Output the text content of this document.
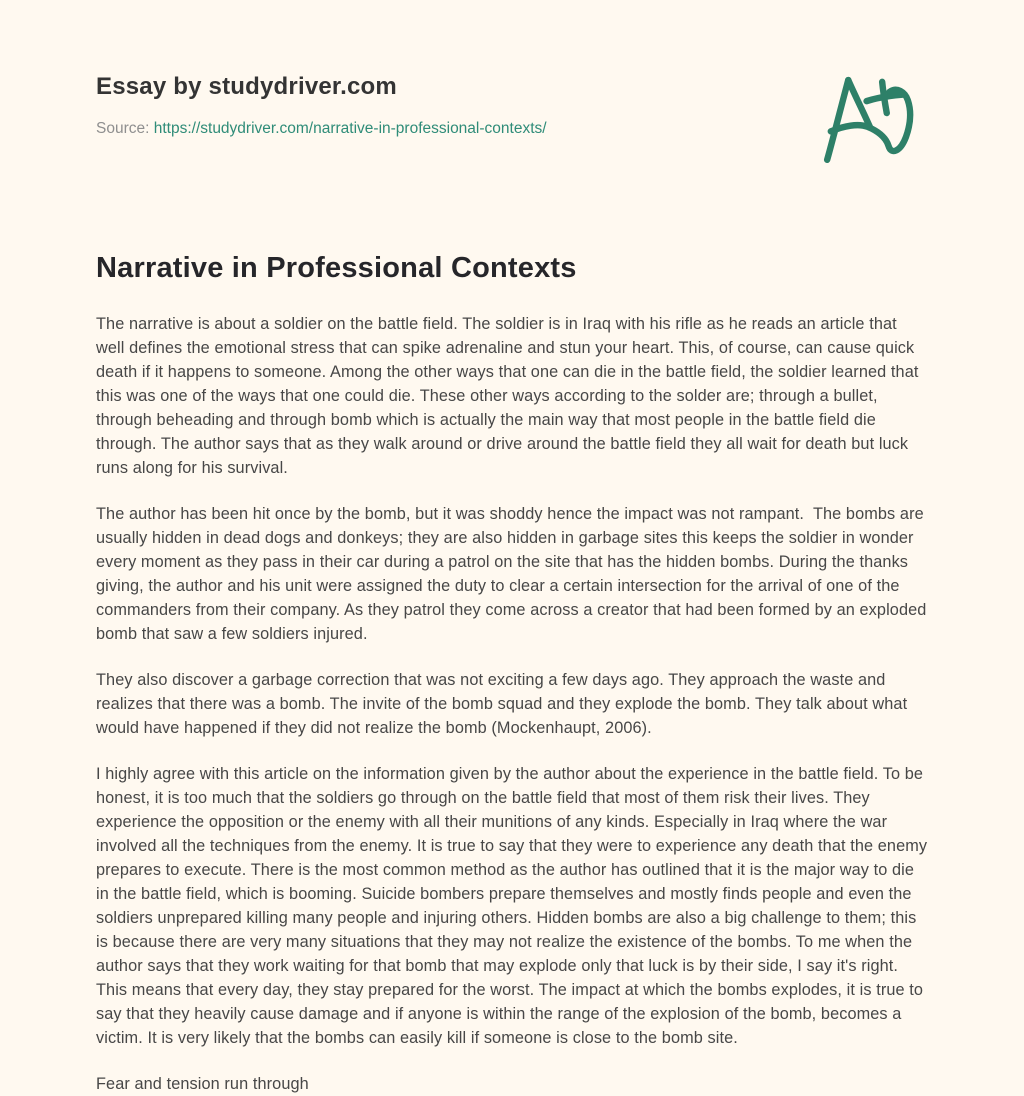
Essay by studydriver.com

Source: https://studydriver.com/narrative-in-professional-contexts/

Narrative in Professional Contexts

The narrative is about a soldier on the battle field. The soldier is in Iraq with his rifle as he reads an article that well defines the emotional stress that can spike adrenaline and stun your heart. This, of course, can cause quick death if it happens to someone. Among the other ways that one can die in the battle field, the soldier learned that this was one of the ways that one could die. These other ways according to the solder are; through a bullet, through beheading and through bomb which is actually the main way that most people in the battle field die through. The author says that as they walk around or drive around the battle field they all wait for death but luck runs along for his survival.

The author has been hit once by the bomb, but it was shoddy hence the impact was not rampant.  The bombs are usually hidden in dead dogs and donkeys; they are also hidden in garbage sites this keeps the soldier in wonder every moment as they pass in their car during a patrol on the site that has the hidden bombs. During the thanks giving, the author and his unit were assigned the duty to clear a certain intersection for the arrival of one of the commanders from their company. As they patrol they come across a creator that had been formed by an exploded bomb that saw a few soldiers injured.

They also discover a garbage correction that was not exciting a few days ago. They approach the waste and realizes that there was a bomb. The invite of the bomb squad and they explode the bomb. They talk about what would have happened if they did not realize the bomb (Mockenhaupt, 2006).

I highly agree with this article on the information given by the author about the experience in the battle field. To be honest, it is too much that the soldiers go through on the battle field that most of them risk their lives. They experience the opposition or the enemy with all their munitions of any kinds. Especially in Iraq where the war involved all the techniques from the enemy. It is true to say that they were to experience any death that the enemy prepares to execute. There is the most common method as the author has outlined that it is the major way to die in the battle field, which is booming. Suicide bombers prepare themselves and mostly finds people and even the soldiers unprepared killing many people and injuring others. Hidden bombs are also a big challenge to them; this is because there are very many situations that they may not realize the existence of the bombs. To me when the author says that they work waiting for that bomb that may explode only that luck is by their side, I say it's right. This means that every day, they stay prepared for the worst. The impact at which the bombs explodes, it is true to say that they heavily cause damage and if anyone is within the range of the explosion of the bomb, becomes a victim. It is very likely that the bombs can easily kill if someone is close to the bomb site.

Fear and tension run through
